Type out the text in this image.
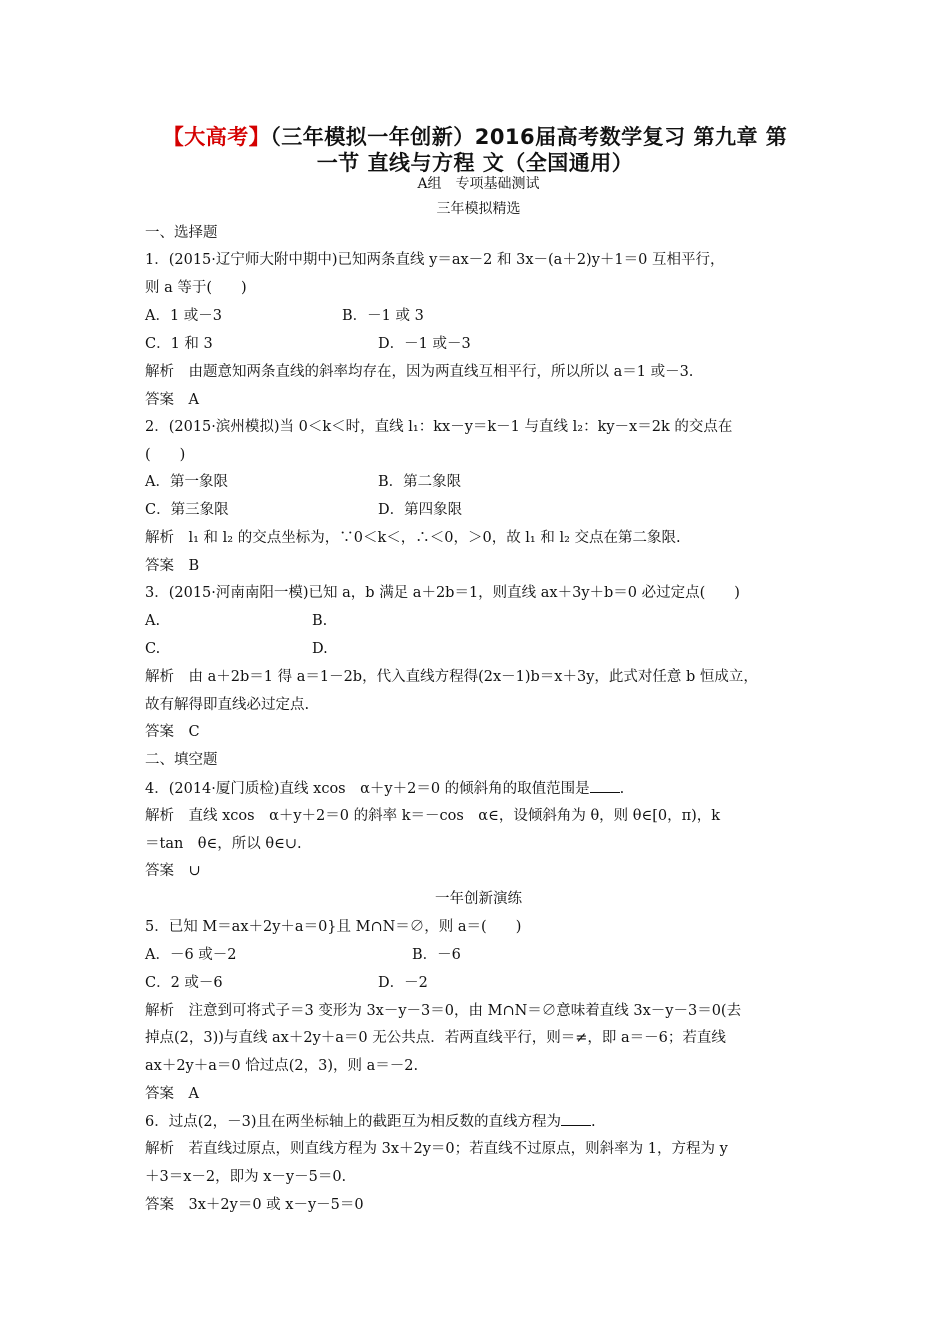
【大高考】（三年模拟一年创新）2016届高考数学复习 第九章 第
一节 直线与方程 文（全国通用）
A组　专项基础测试
三年模拟精选
一、选择题
1．(2015·辽宁师大附中期中)已知两条直线 y＝ax－2 和 3x－(a＋2)y＋1＝0 互相平行，
则 a 等于(　　)
A．1 或－3	B．－1 或 3
C．1 和 3	D．－1 或－3
解析　由题意知两条直线的斜率均存在，因为两直线互相平行，所以所以 a＝1 或－3.
答案　A
2．(2015·滨州模拟)当 0＜k＜时，直线 l₁：kx－y＝k－1 与直线 l₂：ky－x＝2k 的交点在
(　　)
A．第一象限	B．第二象限
C．第三象限	D．第四象限
解析　l₁ 和 l₂ 的交点坐标为，∵0＜k＜，∴＜0，＞0，故 l₁ 和 l₂ 交点在第二象限.
答案　B
3．(2015·河南南阳一模)已知 a，b 满足 a＋2b＝1，则直线 ax＋3y＋b＝0 必过定点(　　)
A.	B.
C.	D.
解析　由 a＋2b＝1 得 a＝1－2b，代入直线方程得(2x－1)b＝x＋3y，此式对任意 b 恒成立，
故有解得即直线必过定点.
答案　C
二、填空题
4．(2014·厦门质检)直线 xcos　α＋y＋2＝0 的倾斜角的取值范围是 .
解析　直线 xcos　α＋y＋2＝0 的斜率 k＝－cos　α∈，设倾斜角为 θ，则 θ∈[0，π)，k
＝tan　θ∈，所以 θ∈∪.
答案　∪
一年创新演练
5．已知 M＝ax＋2y＋a＝0}且 M∩N＝∅，则 a＝(　　)
A．－6 或－2	B．－6
C．2 或－6	D．－2
解析　注意到可将式子＝3 变形为 3x－y－3＝0，由 M∩N＝∅意味着直线 3x－y－3＝0(去
掉点(2，3))与直线 ax＋2y＋a＝0 无公共点．若两直线平行，则＝≠，即 a＝－6；若直线
ax＋2y＋a＝0 恰过点(2，3)，则 a＝－2.
答案　A
6．过点(2，－3)且在两坐标轴上的截距互为相反数的直线方程为 .
解析　若直线过原点，则直线方程为 3x＋2y＝0；若直线不过原点，则斜率为 1，方程为 y
＋3＝x－2，即为 x－y－5＝0.
答案　3x＋2y＝0 或 x－y－5＝0
